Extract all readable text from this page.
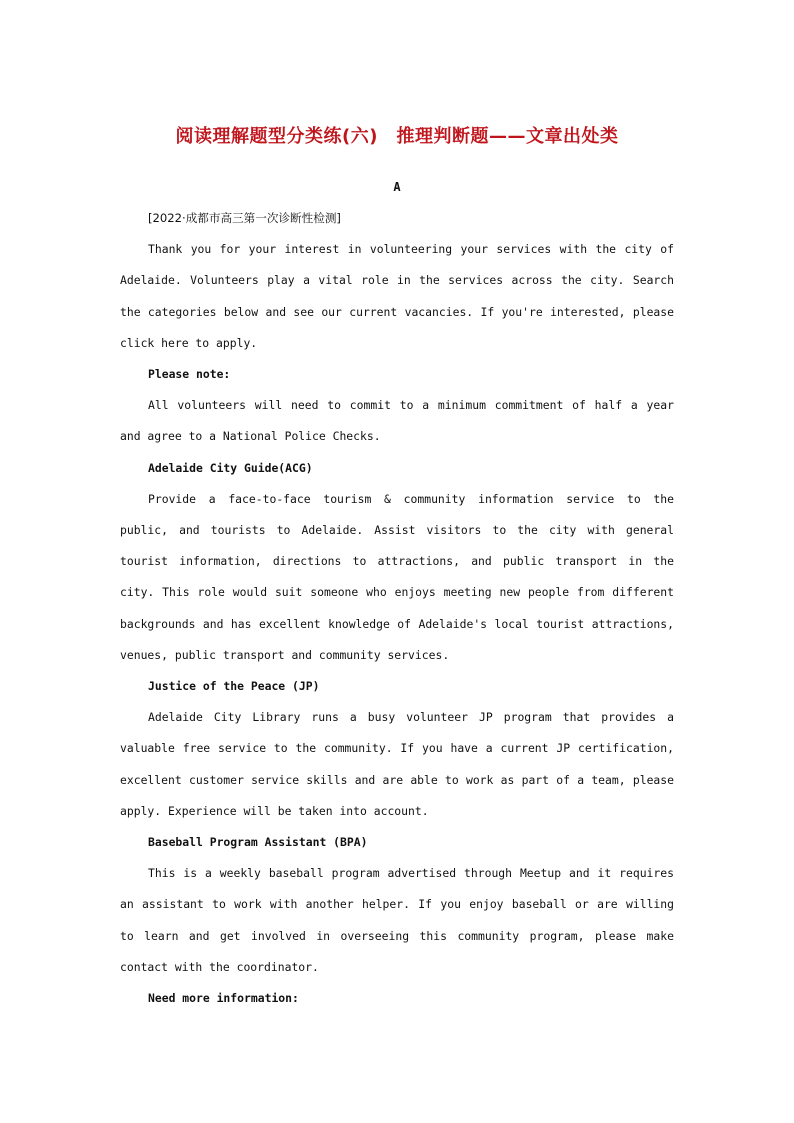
阅读理解题型分类练(六)　推理判断题——文章出处类
A

[2022·成都市高三第一次诊断性检测]

Thank you for your interest in volunteering your services with the city of Adelaide. Volunteers play a vital role in the services across the city. Search the categories below and see our current vacancies. If you're interested, please click here to apply.

Please note:

All volunteers will need to commit to a minimum commitment of half a year and agree to a National Police Checks.

Adelaide City Guide(ACG)

Provide a face-to-face tourism & community information service to the public, and tourists to Adelaide. Assist visitors to the city with general tourist information, directions to attractions, and public transport in the city. This role would suit someone who enjoys meeting new people from different backgrounds and has excellent knowledge of Adelaide's local tourist attractions, venues, public transport and community services.

Justice of the Peace (JP)

Adelaide City Library runs a busy volunteer JP program that provides a valuable free service to the community. If you have a current JP certification, excellent customer service skills and are able to work as part of a team, please apply. Experience will be taken into account.

Baseball Program Assistant (BPA)

This is a weekly baseball program advertised through Meetup and it requires an assistant to work with another helper. If you enjoy baseball or are willing to learn and get involved in overseeing this community program, please make contact with the coordinator.

Need more information:
